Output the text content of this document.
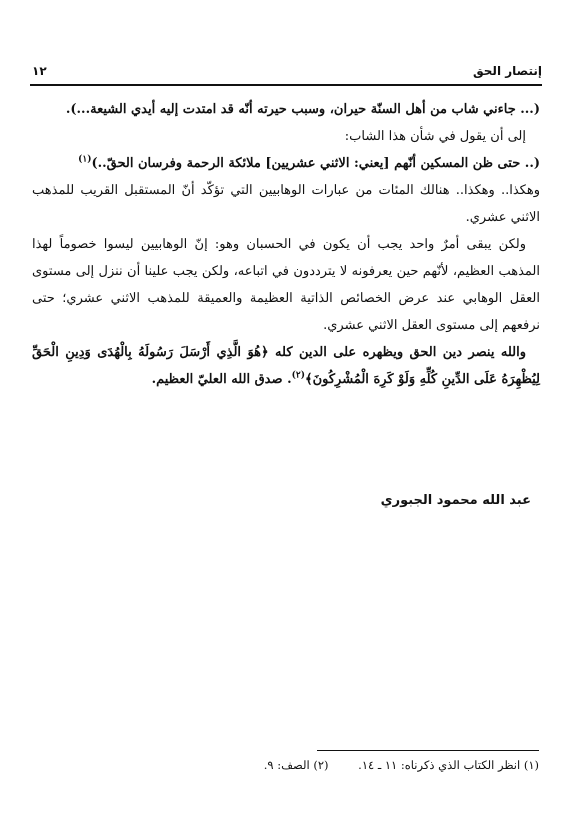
إنتصار الحق
١٢

(... جاءني شاب من أهل السنّة حيران، وسبب حيرته أنّه قد امتدت إليه أيدي الشيعة...).

إلى أن يقول في شأن هذا الشاب:

(.. حتى ظن المسكين أنّهم [يعني: الاثني عشريين] ملائكة الرحمة وفرسان الحقّ..)$^{(١)}$

وهكذا.. وهكذا.. هنالك المئات من عبارات الوهابيين التي تؤكّد أنّ المستقبل القريب للمذهب الاثني عشري.

ولكن يبقى أمرٌ واحد يجب أن يكون في الحسبان وهو: إنّ الوهابيين ليسوا خصوماً لهذا المذهب العظيم، لأنّهم حين يعرفونه لا يترددون في اتباعه، ولكن يجب علينا أن ننزل إلى مستوى العقل الوهابي عند عرض الخصائص الذاتية العظيمة والعميقة للمذهب الاثني عشري؛ حتى نرفعهم إلى مستوى العقل الاثني عشري.

والله ينصر دين الحق ويظهره على الدين كله ﴿هُوَ الَّذِي أَرْسَلَ رَسُولَهُ بِالْهُدَى وَدِينِ الْحَقِّ لِيُظْهِرَهُ عَلَى الدِّينِ كُلِّهِ وَلَوْ كَرِهَ الْمُشْرِكُونَ﴾$^{(٢)}$. صدق الله العليّ العظيم.

عبد الله محمود الجبوري
(١) انظر الكتاب الذي ذكرناه: ١١ ـ ١٤. (٢) الصف: ٩.
